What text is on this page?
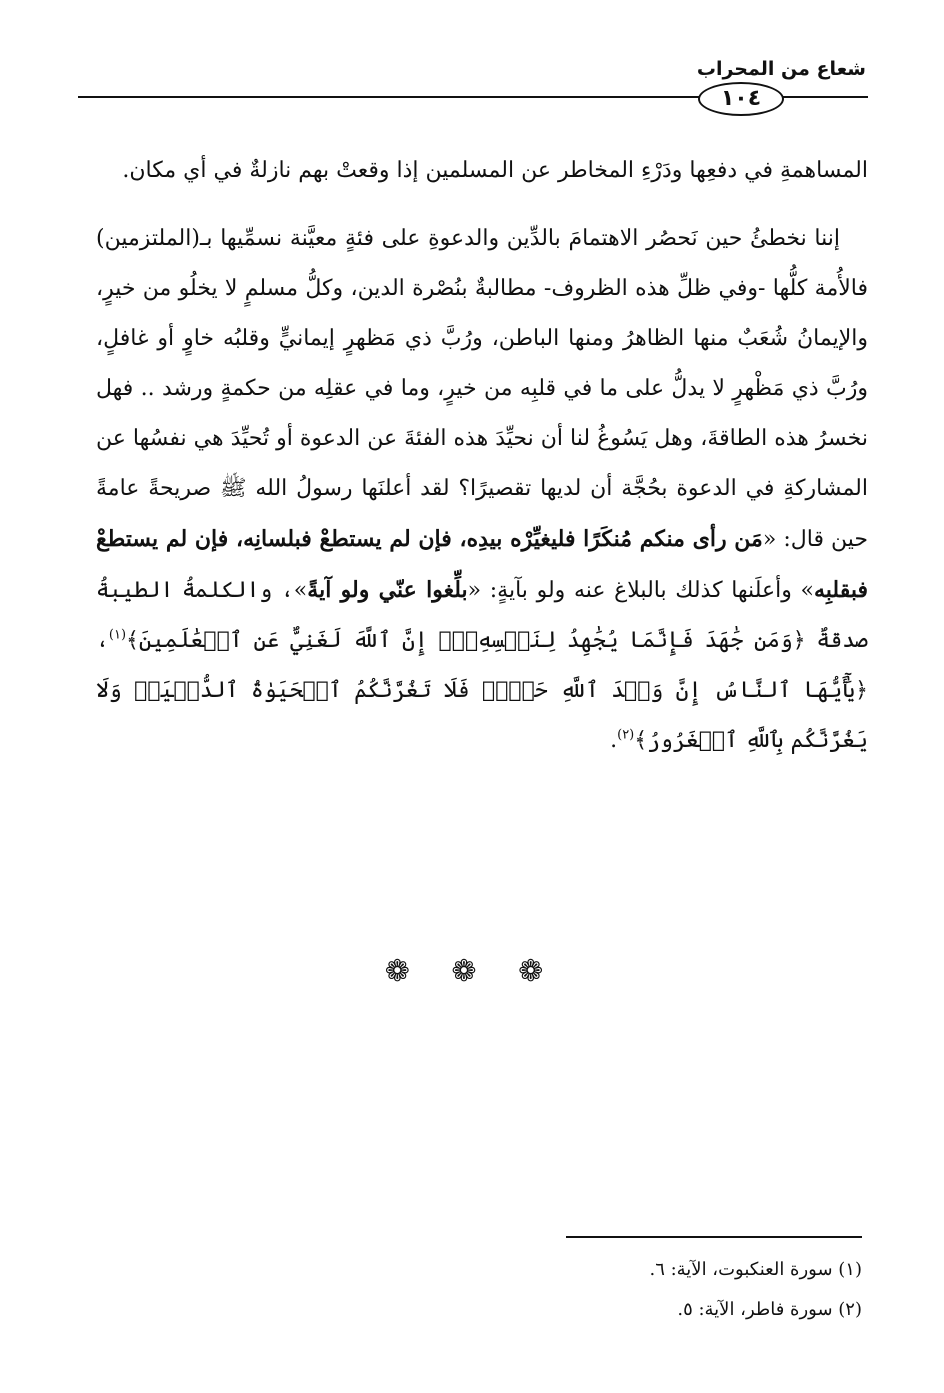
شعاع من المحراب
١٠٤

المساهمةِ في دفعِها ودَرْءِ المخاطر عن المسلمين إذا وقعتْ بهم نازلةٌ في أي مكان.

إننا نخطئُ حين نَحصُر الاهتمامَ بالدِّين والدعوةِ على فئةٍ معيَّنة نسمِّيها بـ(الملتزمين) فالأُمة كلُّها -وفي ظلِّ هذه الظروف- مطالبةٌ بنُصْرة الدين، وكلُّ مسلمٍ لا يخلُو من خيرٍ، والإيمانُ شُعَبٌ منها الظاهرُ ومنها الباطن، ورُبَّ ذي مَظهرٍ إيمانيٍّ وقلبُه خاوٍ أو غافلٍ، ورُبَّ ذي مَظْهرٍ لا يدلُّ على ما في قلبِه من خيرٍ، وما في عقلِه من حكمةٍ ورشد .. فهل نخسرُ هذه الطاقةَ، وهل يَسُوغُ لنا أن نحيِّدَ هذه الفئةَ عن الدعوة أو تُحيِّدَ هي نفسُها عن المشاركةِ في الدعوة بحُجَّة أن لديها تقصيرًا؟ لقد أعلنَها رسولُ الله ﷺ صريحةً عامةً حين قال: «مَن رأى منكم مُنكَرًا فليغيِّرْه بيدِه، فإن لم يستطعْ فبلسانِه، فإن لم يستطعْ فبقلبِه» وأعلَنها كذلك بالبلاغ عنه ولو بآيةٍ: «بلِّغوا عنّي ولو آيةً»، والكلمةُ الطيبةُ صدقةٌ ﴿وَمَن جَٰهَدَ فَإِنَّمَا يُجَٰهِدُ لِنَفۡسِهِۦٓۚ إِنَّ ٱللَّهَ لَغَنِيٌّ عَنِ ٱلۡعَٰلَمِينَ﴾$^{(١)}$، ﴿يَٰٓأَيُّهَا ٱلنَّاسُ إِنَّ وَعۡدَ ٱللَّهِ حَقّٞۖ فَلَا تَغُرَّنَّكُمُ ٱلۡحَيَوٰةُ ٱلدُّنۡيَاۖ وَلَا يَغُرَّنَّكُم بِٱللَّهِ ٱلۡغَرُورُ﴾$^{(٢)}$.

❁ ❁ ❁

(١) سورة العنكبوت، الآية: ٦.

(٢) سورة فاطر، الآية: ٥.
